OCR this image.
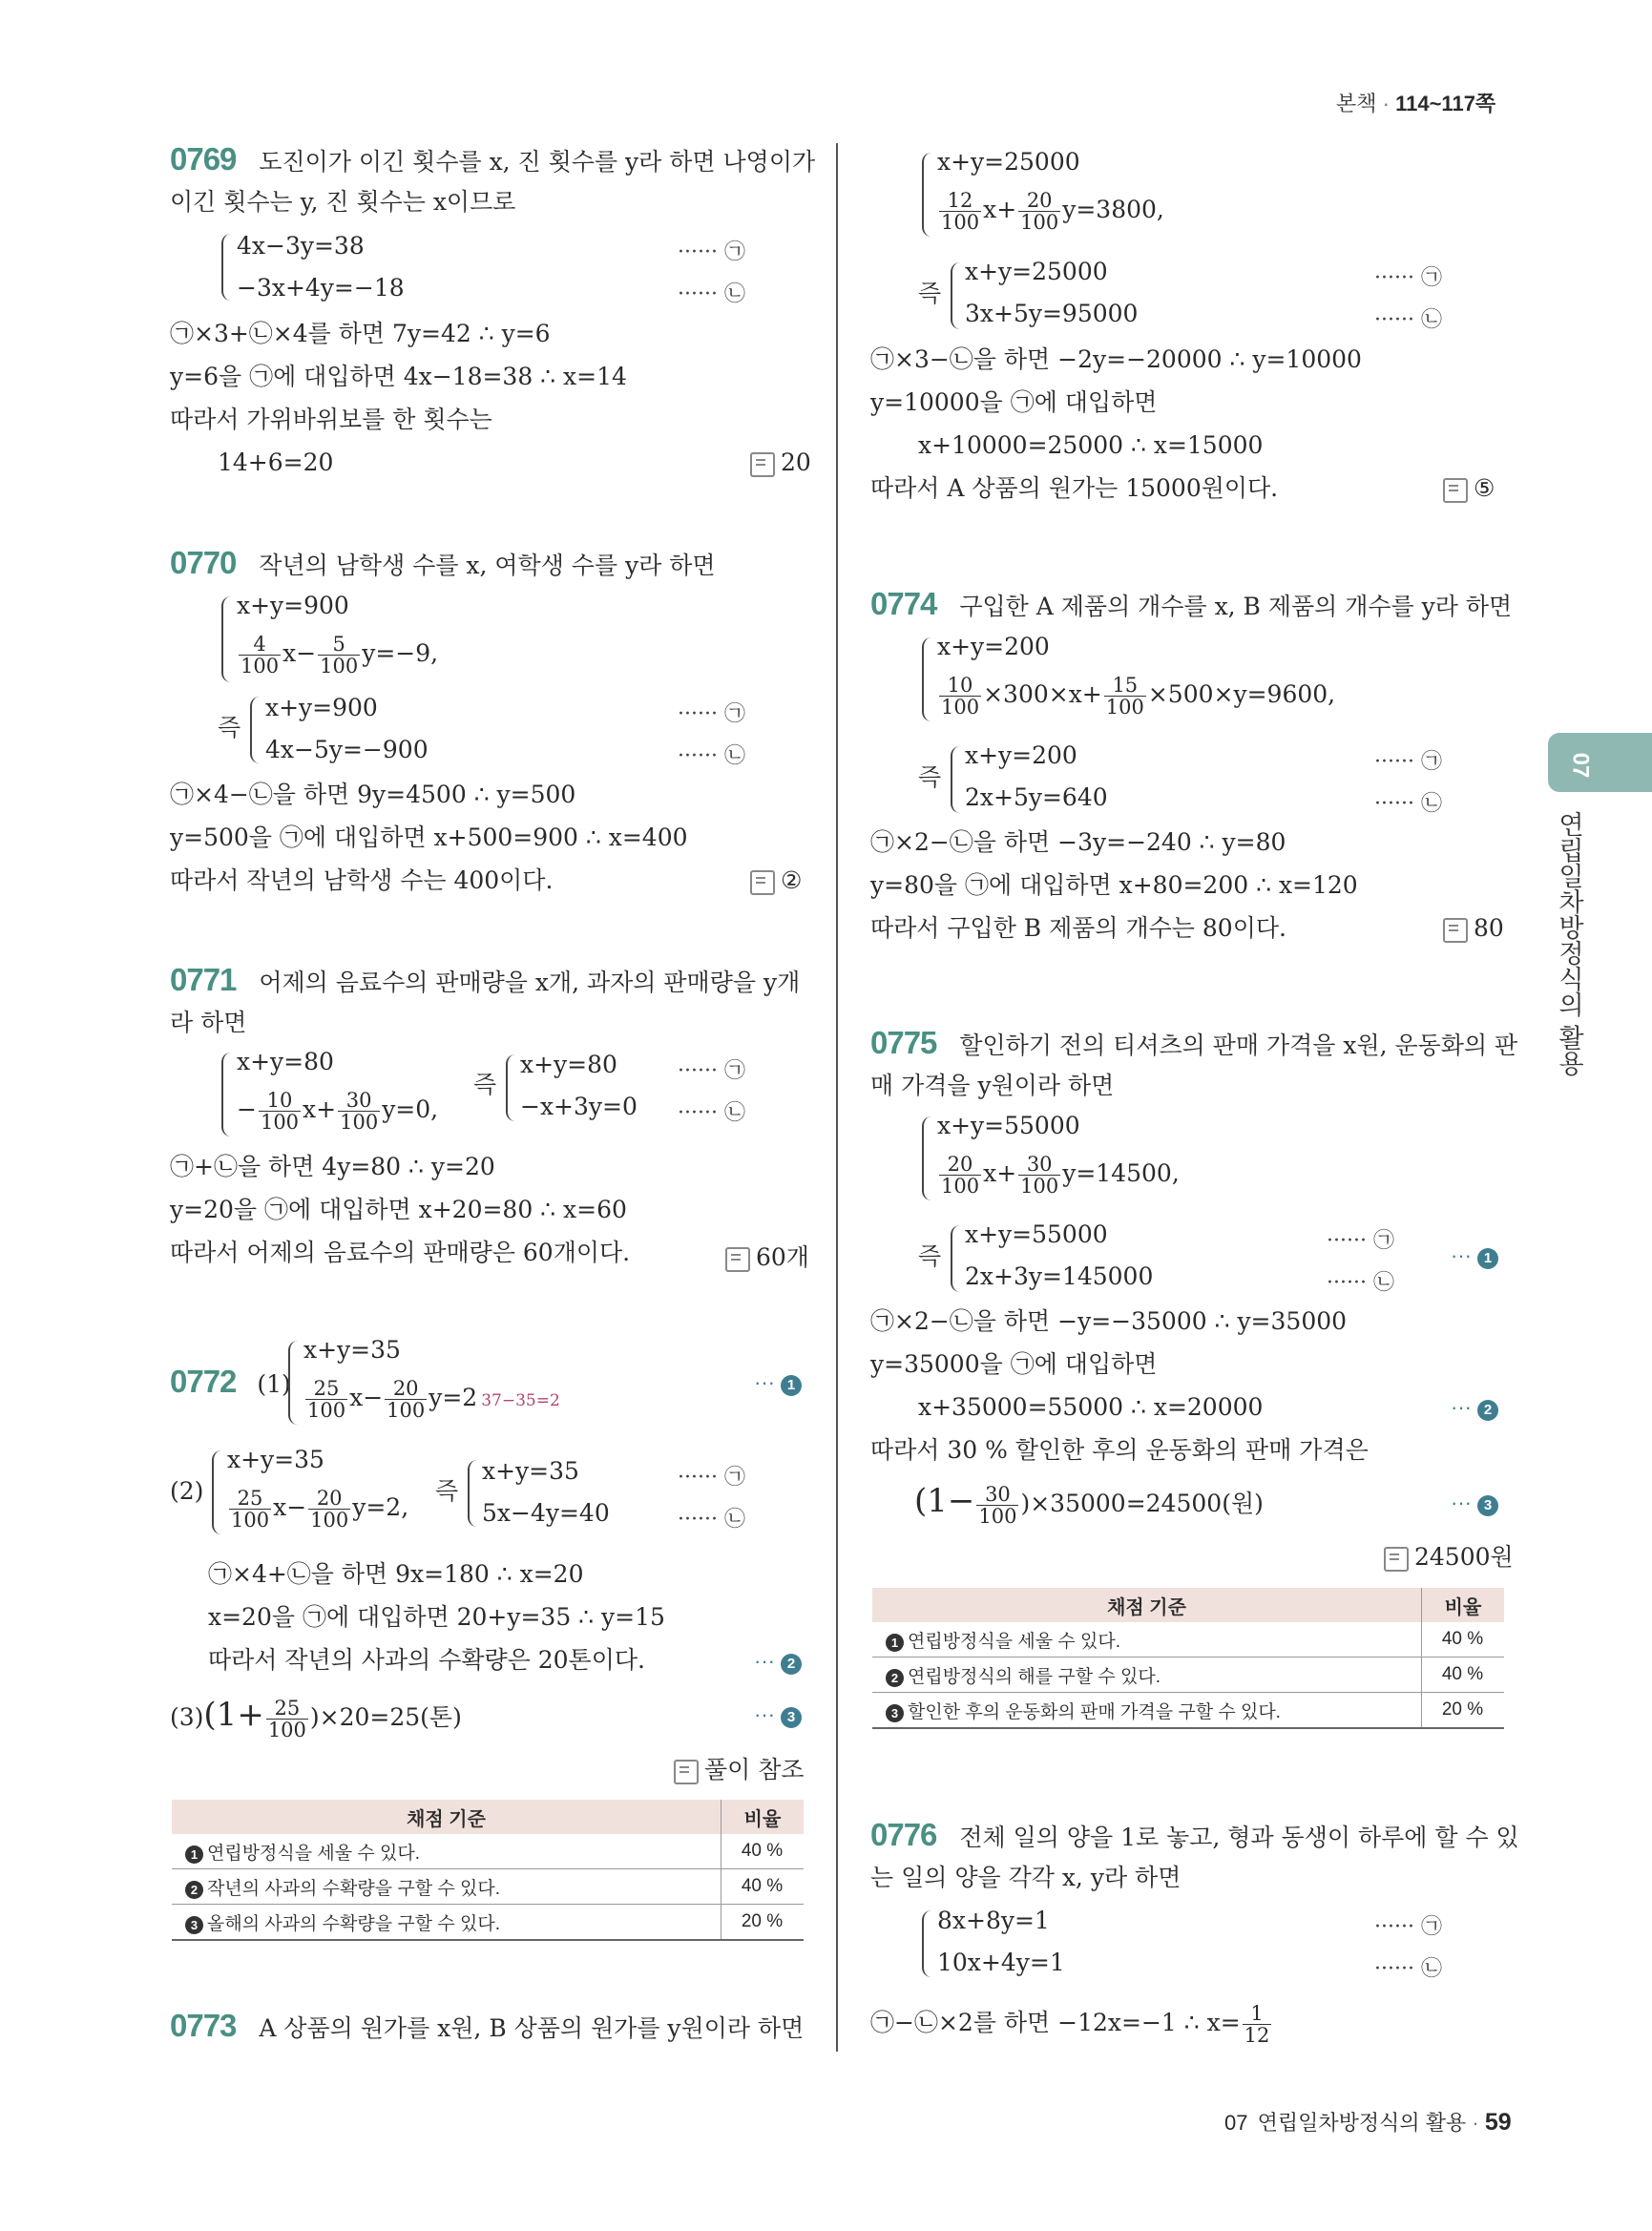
본책 · 114~117쪽
07
연립일차방정식의 활용
0769 도진이가 이긴 횟수를 x, 진 횟수를 y라 하면 나영이가
이긴 횟수는 y, 진 횟수는 x이므로
4x−3y=38
−3x+4y=−18
······ ㉠
······ ㉡
㉠×3+㉡×4를 하면 7y=42 ∴ y=6
y=6을 ㉠에 대입하면 4x−18=38 ∴ x=14
따라서 가위바위보를 한 횟수는
14+6=20	20
0770 작년의 남학생 수를 x, 여학생 수를 y라 하면
x+y=900
$\frac{4}{100} x- \frac{5}{100} y=-9$,
즉
x+y=900
4x−5y=−900
······ ㉠
······ ㉡
㉠×4−㉡을 하면 9y=4500 ∴ y=500
y=500을 ㉠에 대입하면 x+500=900 ∴ x=400
따라서 작년의 남학생 수는 400이다.	②
0771 어제의 음료수의 판매량을 x개, 과자의 판매량을 y개
라 하면
x+y=80
− $\frac{10}{100} x+ \frac{30}{100} y=0$,
즉
x+y=80
−x+3y=0
······ ㉠
······ ㉡
㉠+㉡을 하면 4y=80 ∴ y=20
y=20을 ㉠에 대입하면 x+20=80 ∴ x=60
따라서 어제의 음료수의 판매량은 60개이다.	60개
0772 (1)
x+y=35
$\frac{25}{100} x- \frac{20}{100} y=2$ 37−35=2
··· 1
(2)
x+y=35
$\frac{25}{100} x- \frac{20}{100} y=2$,
즉
x+y=35
5x−4y=40
······ ㉠
······ ㉡
㉠×4+㉡을 하면 9x=180 ∴ x=20
x=20을 ㉠에 대입하면 20+y=35 ∴ y=15
따라서 작년의 사과의 수확량은 20톤이다.	··· 2
$(3)(1+ \frac{25}{100} )\times 20=25$(톤)	··· 3
풀이 참조
채점 기준	비율
1 연립방정식을 세울 수 있다.	40 %
2 작년의 사과의 수확량을 구할 수 있다.	40 %
3 올해의 사과의 수확량을 구할 수 있다.	20 %
0773 A 상품의 원가를 x원, B 상품의 원가를 y원이라 하면
x+y=25000
$\frac{12}{100} x+ \frac{20}{100} y=3800$,
즉
x+y=25000
3x+5y=95000
······ ㉠
······ ㉡
㉠×3−㉡을 하면 −2y=−20000 ∴ y=10000
y=10000을 ㉠에 대입하면
x+10000=25000 ∴ x=15000
따라서 A 상품의 원가는 15000원이다.	⑤
0774 구입한 A 제품의 개수를 x, B 제품의 개수를 y라 하면
x+y=200
$\frac{10}{100} \times 300\times x+ \frac{15}{100} \times 500\times y=9600$,
즉
x+y=200
2x+5y=640
······ ㉠
······ ㉡
㉠×2−㉡을 하면 −3y=−240 ∴ y=80
y=80을 ㉠에 대입하면 x+80=200 ∴ x=120
따라서 구입한 B 제품의 개수는 80이다.	80
0775 할인하기 전의 티셔츠의 판매 가격을 x원, 운동화의 판
매 가격을 y원이라 하면
x+y=55000
$\frac{20}{100} x+ \frac{30}{100} y=14500$,
즉
x+y=55000
2x+3y=145000
······ ㉠
······ ㉡
··· 1
㉠×2−㉡을 하면 −y=−35000 ∴ y=35000
y=35000을 ㉠에 대입하면
x+35000=55000 ∴ x=20000	··· 2
따라서 30 % 할인한 후의 운동화의 판매 가격은
$(1- \frac{30}{100} )\times 35000=24500$(원)	··· 3
24500원
채점 기준	비율
1 연립방정식을 세울 수 있다.	40 %
2 연립방정식의 해를 구할 수 있다.	40 %
3 할인한 후의 운동화의 판매 가격을 구할 수 있다.	20 %
0776 전체 일의 양을 1로 놓고, 형과 동생이 하루에 할 수 있
는 일의 양을 각각 x, y라 하면
8x+8y=1
10x+4y=1
······ ㉠
······ ㉡
㉠−㉡×2를 하면 −12x=−1 ∴ $x= \frac{1}{12}$
07 연립일차방정식의 활용 · 59
